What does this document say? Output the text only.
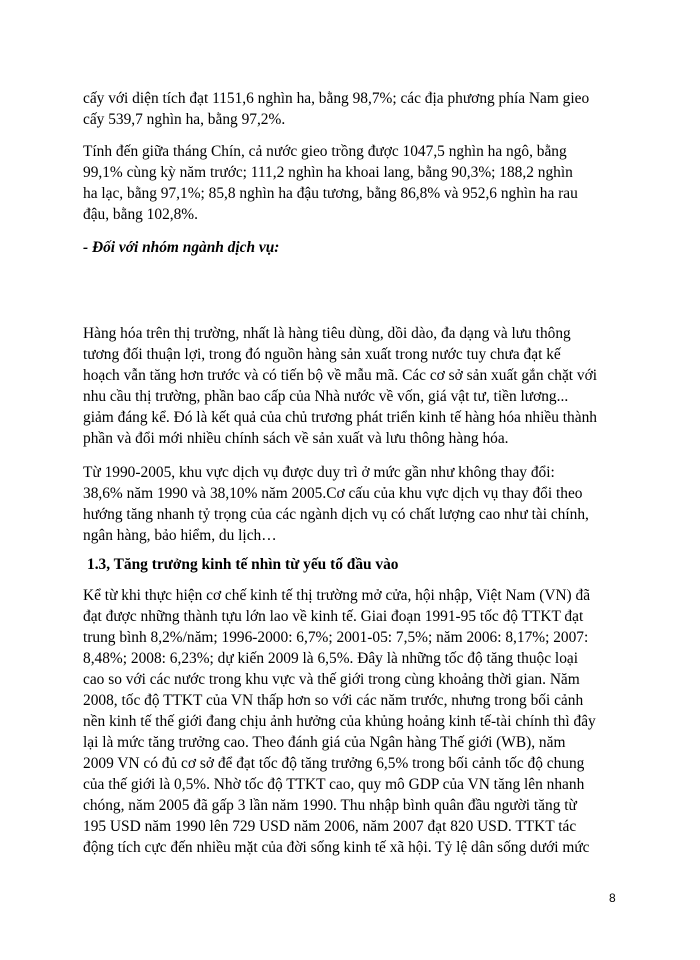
cấy với diện tích đạt 1151,6 nghìn ha, bằng 98,7%; các địa phương phía Nam gieo
cấy 539,7 nghìn ha, bằng 97,2%.

Tính đến giữa tháng Chín, cả nước gieo trồng được 1047,5 nghìn ha ngô, bằng
99,1% cùng kỳ năm trước; 111,2 nghìn ha khoai lang, bằng 90,3%; 188,2 nghìn
ha lạc, bằng 97,1%; 85,8 nghìn ha đậu tương, bằng 86,8% và 952,6 nghìn ha rau
đậu, bằng 102,8%.

- Đối với nhóm ngành dịch vụ:

Hàng hóa trên thị trường, nhất là hàng tiêu dùng, dồi dào, đa dạng và lưu thông
tương đối thuận lợi, trong đó nguồn hàng sản xuất trong nước tuy chưa đạt kế
hoạch vẫn tăng hơn trước và có tiến bộ về mẫu mã. Các cơ sở sản xuất gắn chặt với
nhu cầu thị trường, phần bao cấp của Nhà nước về vốn, giá vật tư, tiền lương...
giảm đáng kể. Đó là kết quả của chủ trương phát triển kinh tế hàng hóa nhiều thành
phần và đổi mới nhiều chính sách về sản xuất và lưu thông hàng hóa.

Từ 1990-2005, khu vực dịch vụ được duy trì ở mức gần như không thay đổi:
38,6% năm 1990 và 38,10% năm 2005.Cơ cấu của khu vực dịch vụ thay đổi theo
hướng tăng nhanh tỷ trọng của các ngành dịch vụ có chất lượng cao như tài chính,
ngân hàng, bảo hiểm, du lịch…

1.3, Tăng trưởng kinh tế nhìn từ yếu tố đầu vào

Kể từ khi thực hiện cơ chế kinh tế thị trường mở cửa, hội nhập, Việt Nam (VN) đã
đạt được những thành tựu lớn lao về kinh tế. Giai đoạn 1991-95 tốc độ TTKT đạt
trung bình 8,2%/năm; 1996-2000: 6,7%; 2001-05: 7,5%; năm 2006: 8,17%; 2007:
8,48%; 2008: 6,23%; dự kiến 2009 là 6,5%. Đây là những tốc độ tăng thuộc loại
cao so với các nước trong khu vực và thế giới trong cùng khoảng thời gian. Năm
2008, tốc độ TTKT của VN thấp hơn so với các năm trước, nhưng trong bối cảnh
nền kinh tế thế giới đang chịu ảnh hưởng của khủng hoảng kinh tế-tài chính thì đây
lại là mức tăng trưởng cao. Theo đánh giá của Ngân hàng Thế giới (WB), năm
2009 VN có đủ cơ sở để đạt tốc độ tăng trưởng 6,5% trong bối cảnh tốc độ chung
của thế giới là 0,5%. Nhờ tốc độ TTKT cao, quy mô GDP của VN tăng lên nhanh
chóng, năm 2005 đã gấp 3 lần năm 1990. Thu nhập bình quân đầu người tăng từ
195 USD năm 1990 lên 729 USD năm 2006, năm 2007 đạt 820 USD. TTKT tác
động tích cực đến nhiều mặt của đời sống kinh tế xã hội. Tỷ lệ dân sống dưới mức

8
